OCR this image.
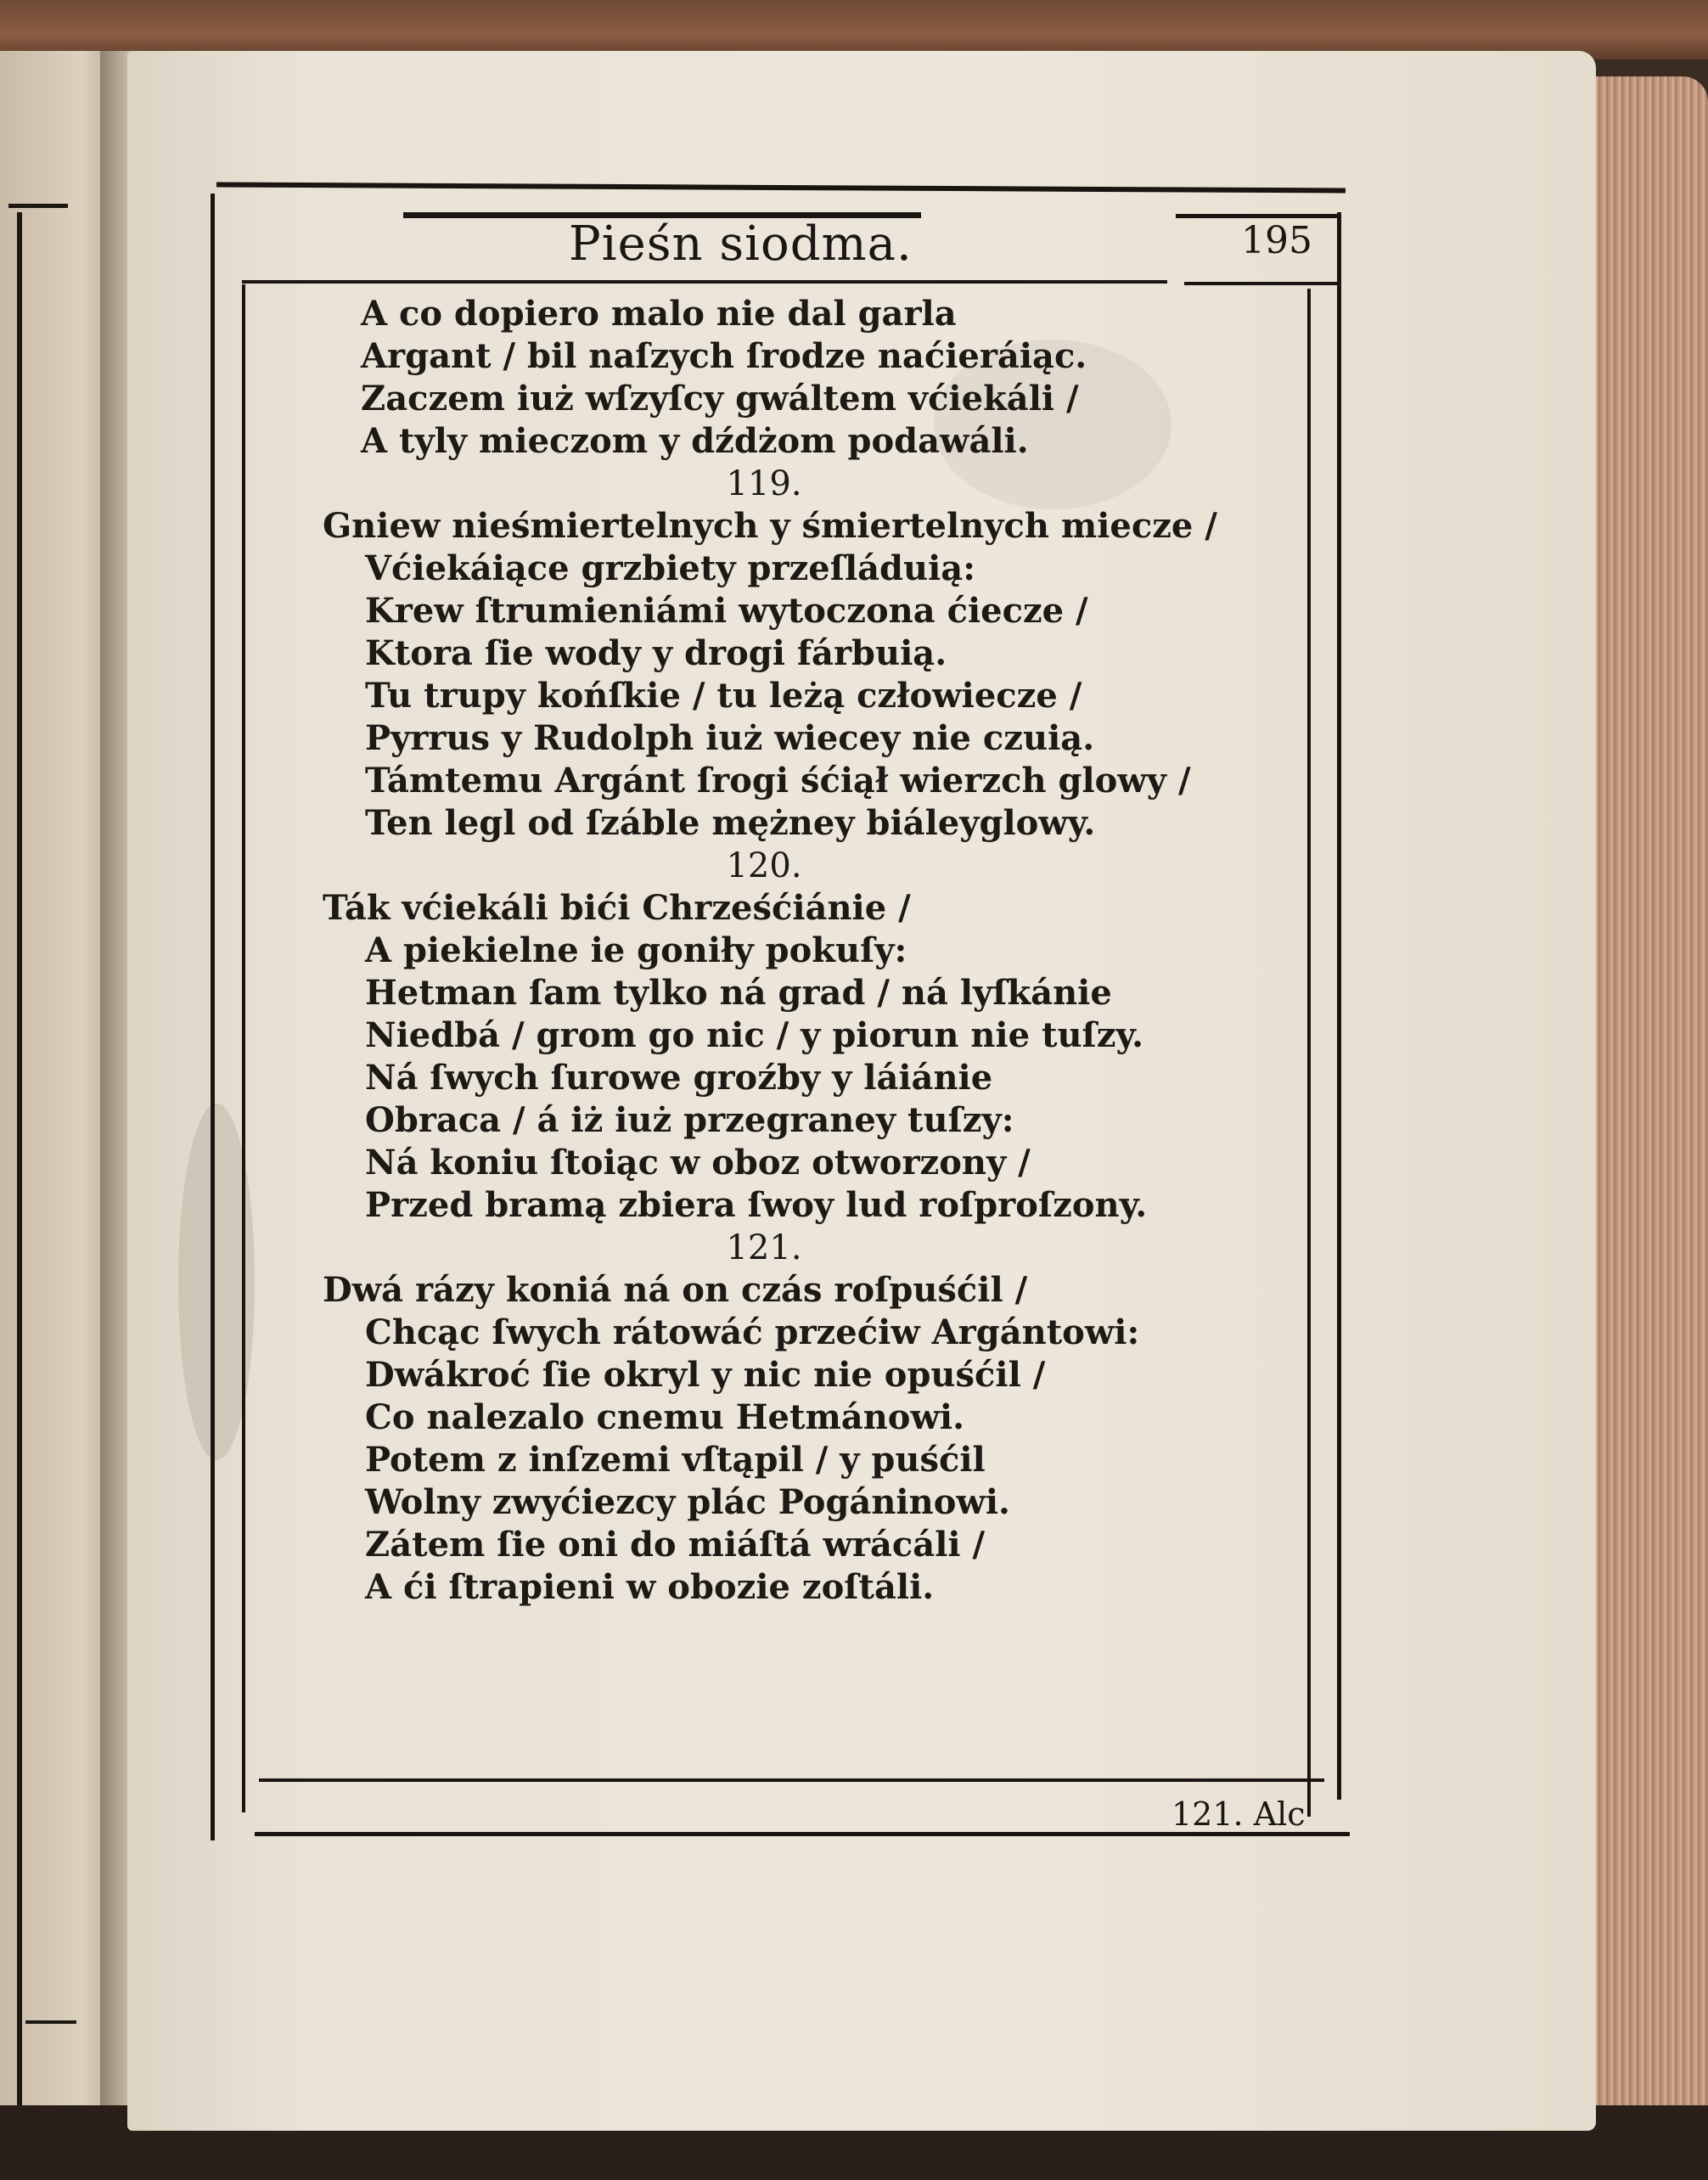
Pieśn siodma.	195
A co dopiero malo nie dal garla
Argant / bil naſzych ſrodze naćieráiąc.
Zaczem iuż wſzyſcy gwáltem vćiekáli /
A tyly mieczom y dźdżom podawáli.
119.
Gniew nieśmiertelnych y śmiertelnych miecze /
Vćiekáiące grzbiety przeſláduią:
Krew ſtrumieniámi wytoczona ćiecze /
Ktora ſie wody y drogi fárbuią.
Tu trupy końſkie / tu leżą człowiecze /
Pyrrus y Rudolph iuż wiecey nie czuią.
Támtemu Argánt ſrogi śćiął wierzch glowy /
Ten legl od ſzáble mężney biáleyglowy.
120.
Ták vćiekáli bići Chrześćiánie /
A piekielne ie goniły pokuſy:
Hetman ſam tylko ná grad / ná lyſkánie
Niedbá / grom go nic / y piorun nie tuſzy.
Ná ſwych ſurowe groźby y láiánie
Obraca / á iż iuż przegraney tuſzy:
Ná koniu ſtoiąc w oboz otworzony /
Przed bramą zbiera ſwoy lud roſproſzony.
121.
Dwá rázy koniá ná on czás roſpuśćil /
Chcąc ſwych rátowáć przećiw Argántowi:
Dwákroć ſie okryl y nic nie opuśćil /
Co nalezalo cnemu Hetmánowi.
Potem z inſzemi vſtąpil / y puśćil
Wolny zwyćiezcy plác Pogáninowi.
Zátem ſie oni do miáſtá wrácáli /
A ći ſtrapieni w obozie zoſtáli.
121. Alc
